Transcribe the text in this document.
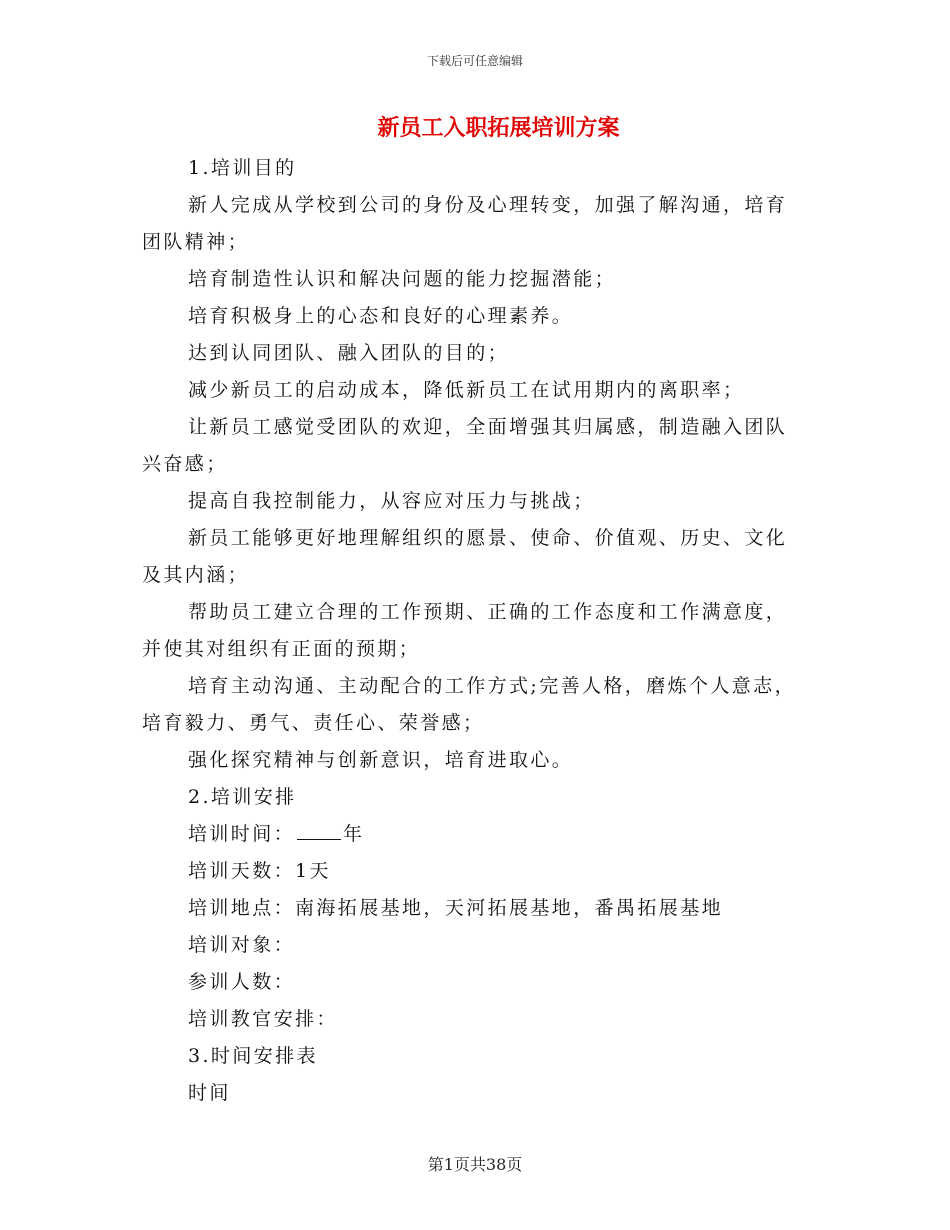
下载后可任意编辑
新员工入职拓展培训方案

1.培训目的

新人完成从学校到公司的身份及心理转变，加强了解沟通，培育团队精神；

培育制造性认识和解决问题的能力挖掘潜能；

培育积极身上的心态和良好的心理素养。

达到认同团队、融入团队的目的；

减少新员工的启动成本，降低新员工在试用期内的离职率；

让新员工感觉受团队的欢迎，全面增强其归属感，制造融入团队兴奋感；

提高自我控制能力，从容应对压力与挑战；

新员工能够更好地理解组织的愿景、使命、价值观、历史、文化及其内涵；

帮助员工建立合理的工作预期、正确的工作态度和工作满意度，并使其对组织有正面的预期；

培育主动沟通、主动配合的工作方式;完善人格，磨炼个人意志，培育毅力、勇气、责任心、荣誉感；

强化探究精神与创新意识，培育进取心。

2.培训安排

培训时间：	年

培训天数：1天

培训地点：南海拓展基地，天河拓展基地，番禺拓展基地

培训对象：

参训人数：

培训教官安排：

3.时间安排表

时间

第1页共38页
